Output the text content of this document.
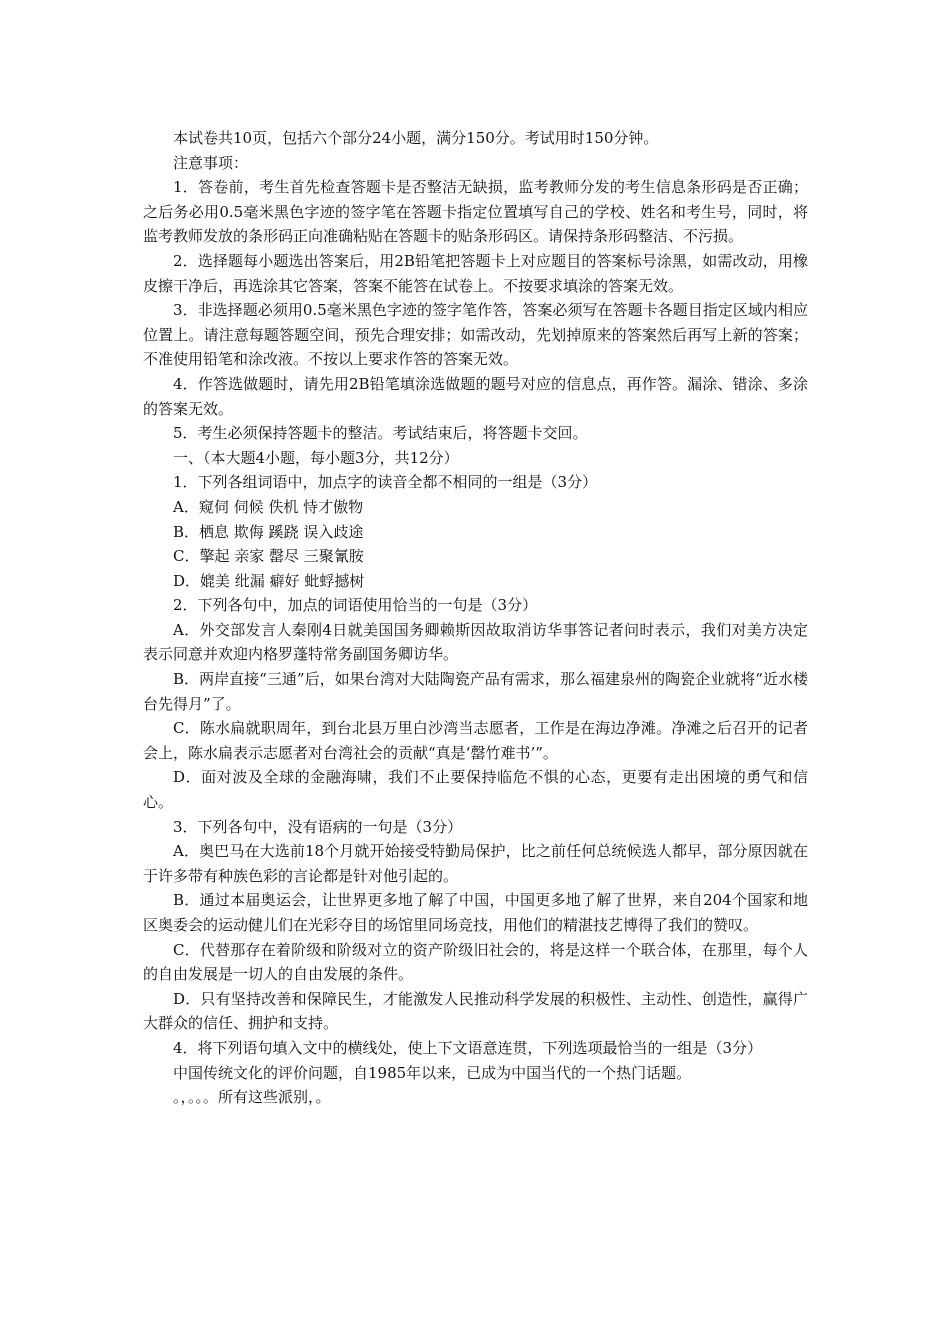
本试卷共10页，包括六个部分24小题，满分150分。考试用时150分钟。

注意事项：

1．答卷前，考生首先检查答题卡是否整洁无缺损，监考教师分发的考生信息条形码是否正确；之后务必用0.5毫米黑色字迹的签字笔在答题卡指定位置填写自己的学校、姓名和考生号，同时，将监考教师发放的条形码正向准确粘贴在答题卡的贴条形码区。请保持条形码整洁、不污损。

2．选择题每小题选出答案后，用2B铅笔把答题卡上对应题目的答案标号涂黑，如需改动，用橡皮擦干净后，再选涂其它答案，答案不能答在试卷上。不按要求填涂的答案无效。

3．非选择题必须用0.5毫米黑色字迹的签字笔作答，答案必须写在答题卡各题目指定区域内相应位置上。请注意每题答题空间，预先合理安排；如需改动，先划掉原来的答案然后再写上新的答案；不准使用铅笔和涂改液。不按以上要求作答的答案无效。

4．作答选做题时，请先用2B铅笔填涂选做题的题号对应的信息点，再作答。漏涂、错涂、多涂的答案无效。

5．考生必须保持答题卡的整洁。考试结束后，将答题卡交回。

一、（本大题4小题，每小题3分，共12分）

1．下列各组词语中，加点字的读音全都不相同的一组是（3分）

A．窥伺 伺候 佚机 恃才傲物

B．栖息 欺侮 蹊跷 误入歧途

C．擎起 亲家 罄尽 三聚氰胺

D．媲美 纰漏 癖好 蚍蜉撼树

2．下列各句中，加点的词语使用恰当的一句是（3分）

A．外交部发言人秦刚4日就美国国务卿赖斯因故取消访华事答记者问时表示，我们对美方决定表示同意并欢迎内格罗蓬特常务副国务卿访华。

B．两岸直接“三通”后，如果台湾对大陆陶瓷产品有需求，那么福建泉州的陶瓷企业就将“近水楼台先得月”了。

C．陈水扁就职周年，到台北县万里白沙湾当志愿者，工作是在海边净滩。净滩之后召开的记者会上，陈水扁表示志愿者对台湾社会的贡献“真是‘罄竹难书’”。

D．面对波及全球的金融海啸，我们不止要保持临危不惧的心态，更要有走出困境的勇气和信心。

3．下列各句中，没有语病的一句是（3分）

A．奥巴马在大选前18个月就开始接受特勤局保护，比之前任何总统候选人都早，部分原因就在于许多带有种族色彩的言论都是针对他引起的。

B．通过本届奥运会，让世界更多地了解了中国，中国更多地了解了世界，来自204个国家和地区奥委会的运动健儿们在光彩夺目的场馆里同场竞技，用他们的精湛技艺博得了我们的赞叹。

C．代替那存在着阶级和阶级对立的资产阶级旧社会的，将是这样一个联合体，在那里，每个人的自由发展是一切人的自由发展的条件。

D．只有坚持改善和保障民生，才能激发人民推动科学发展的积极性、主动性、创造性，赢得广大群众的信任、拥护和支持。

4．将下列语句填入文中的横线处，使上下文语意连贯，下列选项最恰当的一组是（3分）

中国传统文化的评价问题，自1985年以来，已成为中国当代的一个热门话题。

。，。。。所有这些派别，。
